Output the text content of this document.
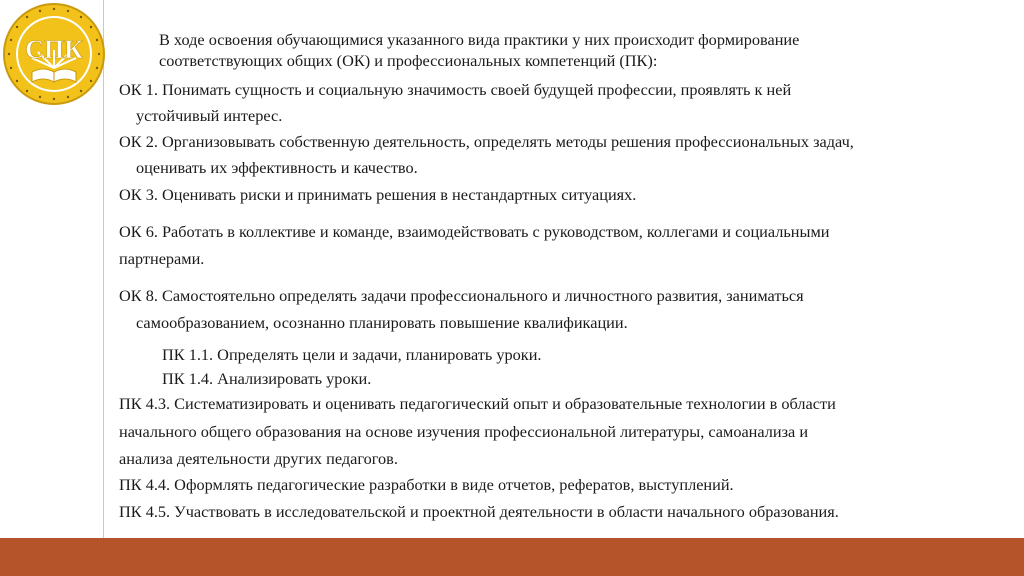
СПК	В ходе освоения обучающимися указанного вида практики у них происходит формирование
соответствующих общих (ОК) и профессиональных компетенций (ПК):
ОК 1. Понимать сущность и социальную значимость своей будущей профессии, проявлять к ней
устойчивый интерес.
ОК 2. Организовывать собственную деятельность, определять методы решения профессиональных задач,
оценивать их эффективность и качество.
ОК 3. Оценивать риски и принимать решения в нестандартных ситуациях.
ОК 6. Работать в коллективе и команде, взаимодействовать с руководством, коллегами и социальными
партнерами.
ОК 8. Самостоятельно определять задачи профессионального и личностного развития, заниматься
самообразованием, осознанно планировать повышение квалификации.
ПК 1.1. Определять цели и задачи, планировать уроки.
ПК 1.4. Анализировать уроки.
ПК 4.3. Систематизировать и оценивать педагогический опыт и образовательные технологии в области
начального общего образования на основе изучения профессиональной литературы, самоанализа и
анализа деятельности других педагогов.
ПК 4.4. Оформлять педагогические разработки в виде отчетов, рефератов, выступлений.
ПК 4.5. Участвовать в исследовательской и проектной деятельности в области начального образования.
